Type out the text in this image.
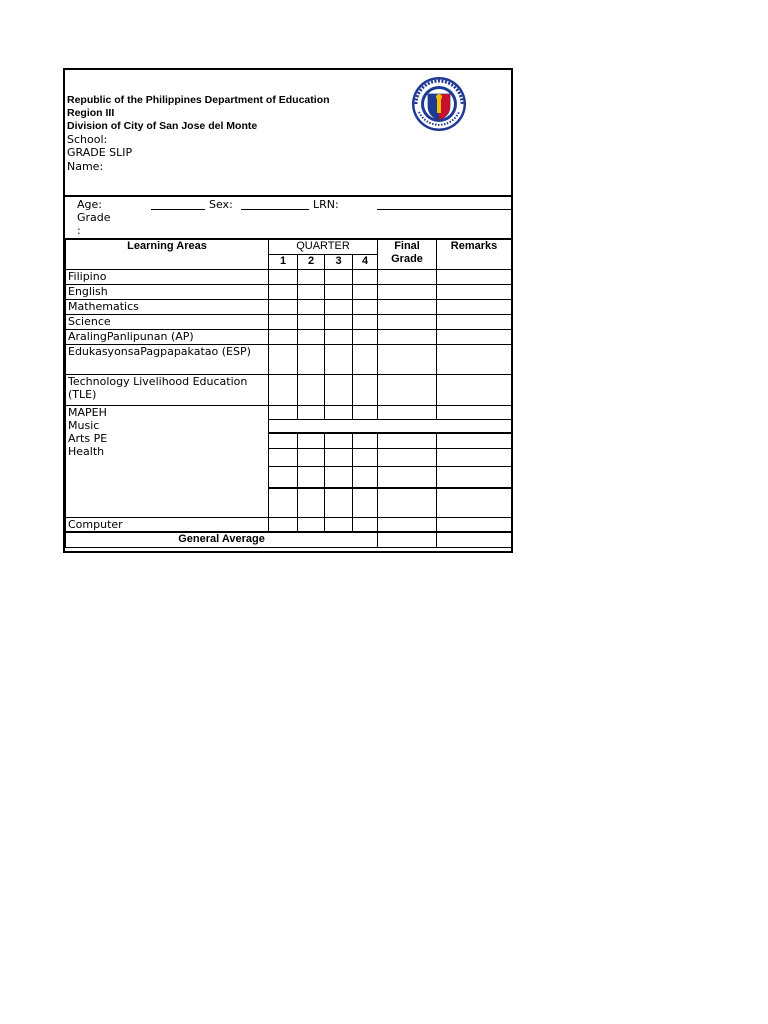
Republic of the Philippines Department of Education
Region III
Division of City of San Jose del Monte
School:
GRADE SLIP
Name:
Age:	Sex:	LRN:
Grade
:
Learning Areas	QUARTER				Final Grade	Remarks
	1	2	3	4		
Filipino						
English						
Mathematics						
Science						
AralingPanlipunan (AP)						
EdukasyonsaPagpapakatao (ESP)						
Technology Livelihood Education (TLE)						

MAPEH
Music
Arts PE
Health						

Computer						
General Average						
